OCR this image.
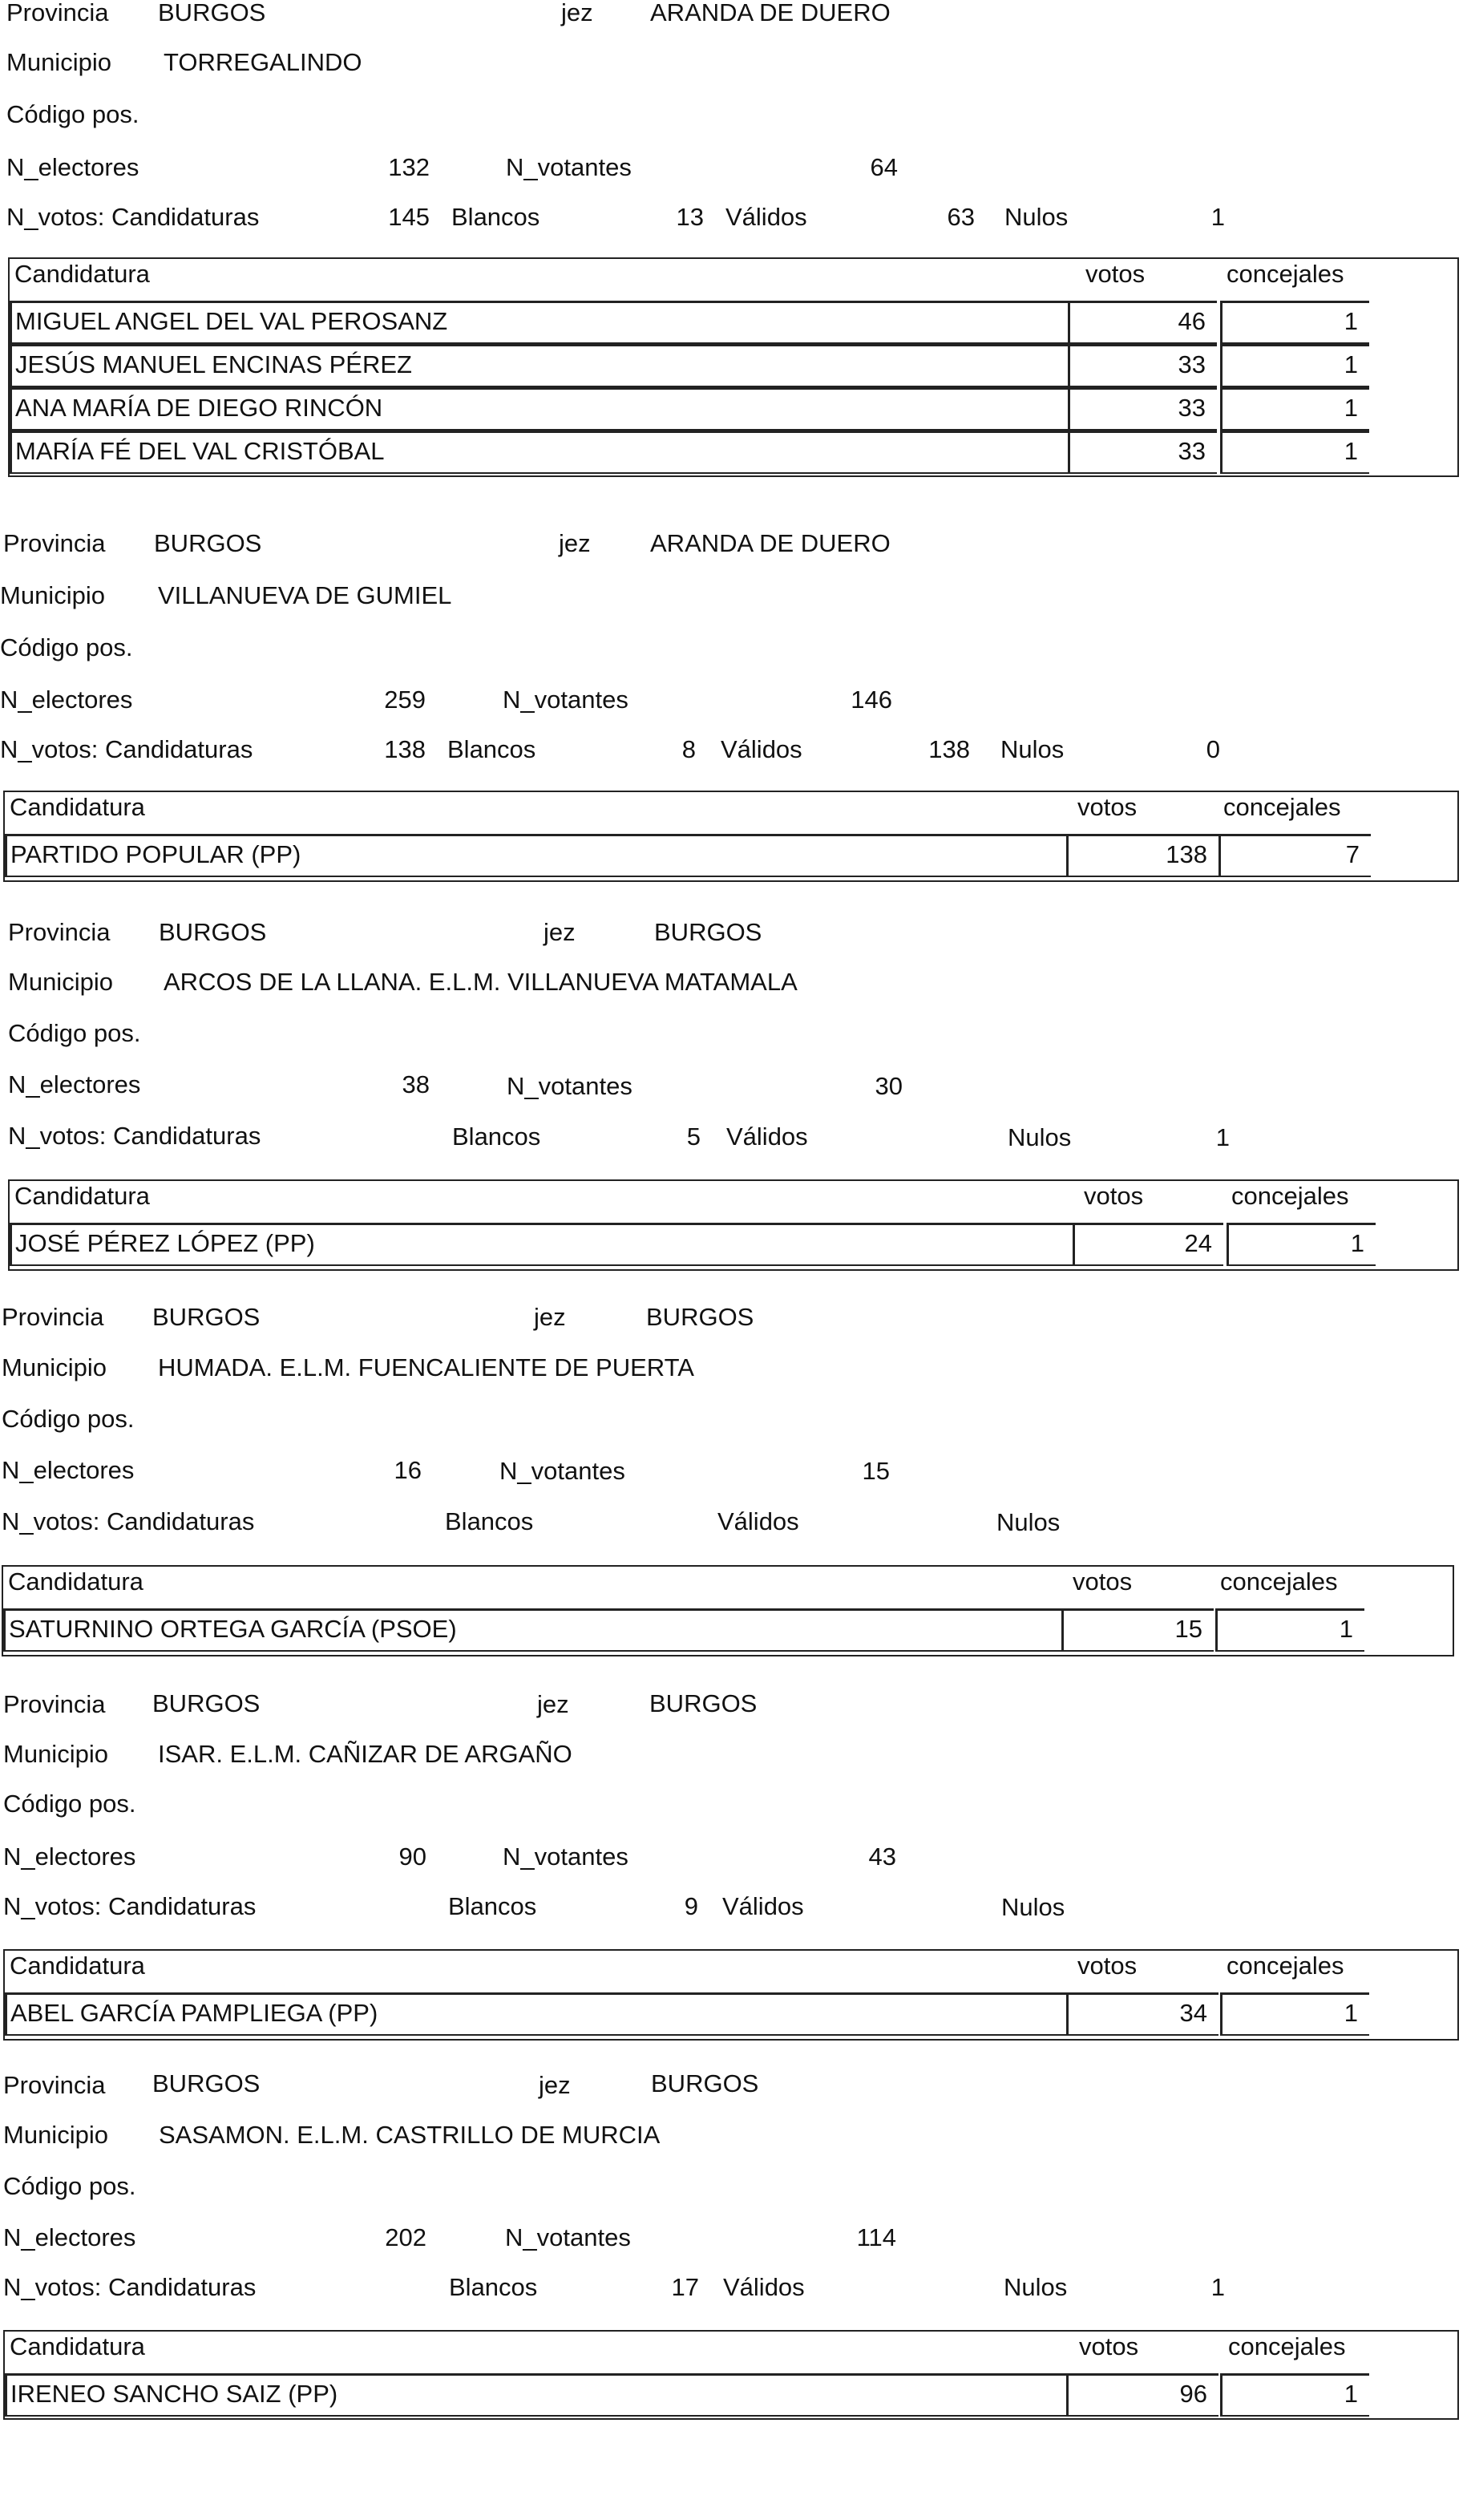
Provincia BURGOS	jez ARANDA DE DUERO
Municipio TORREGALINDO
Código pos.
N_electores	132	N_votantes	64
N_votos: Candidaturas	145 Blancos	13 Válidos	63 Nulos	1
Candidatura	votos	concejales
MIGUEL ANGEL DEL VAL PEROSANZ	46	1
JESÚS MANUEL ENCINAS PÉREZ	33	1
ANA MARÍA DE DIEGO RINCÓN	33	1
MARÍA FÉ DEL VAL CRISTÓBAL	33	1
Provincia BURGOS	jez ARANDA DE DUERO
Municipio VILLANUEVA DE GUMIEL
Código pos.
N_electores	259	N_votantes	146
N_votos: Candidaturas	138 Blancos	8 Válidos	138 Nulos	0
Candidatura	votos	concejales
PARTIDO POPULAR (PP)	138	7
Provincia BURGOS	jez	BURGOS
Municipio ARCOS DE LA LLANA. E.L.M. VILLANUEVA MATAMALA
Código pos.
N_electores	38	N_votantes	30
N_votos: Candidaturas	Blancos	5 Válidos	Nulos	1
Candidatura	votos	concejales
JOSÉ PÉREZ LÓPEZ (PP)	24	1
Provincia BURGOS	jez	BURGOS
Municipio HUMADA. E.L.M. FUENCALIENTE DE PUERTA
Código pos.
N_electores	16	N_votantes	15
N_votos: Candidaturas	Blancos	Válidos	Nulos
Candidatura	votos	concejales
SATURNINO ORTEGA GARCÍA (PSOE)	15	1
Provincia BURGOS	jez	BURGOS
Municipio ISAR. E.L.M. CAÑIZAR DE ARGAÑO
Código pos.
N_electores	90	N_votantes	43
N_votos: Candidaturas	Blancos	9 Válidos	Nulos
Candidatura	votos	concejales
ABEL GARCÍA PAMPLIEGA (PP)	34	1
Provincia BURGOS	jez	BURGOS
Municipio SASAMON. E.L.M. CASTRILLO DE MURCIA
Código pos.
N_electores	202	N_votantes	114
N_votos: Candidaturas	Blancos	17 Válidos	Nulos	1
Candidatura	votos	concejales
IRENEO SANCHO SAIZ (PP)	96	1
